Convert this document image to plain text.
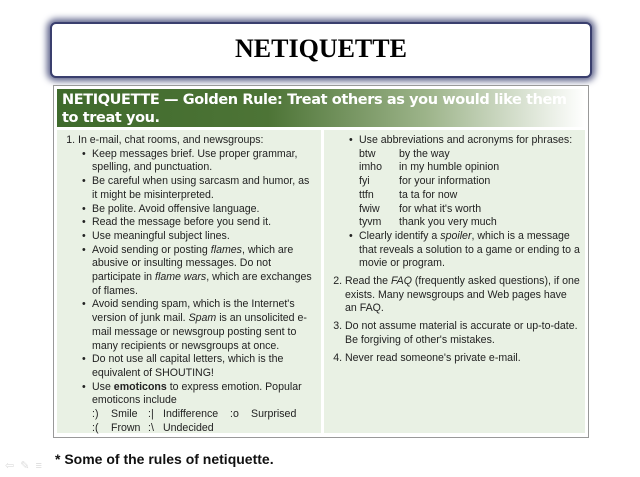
NETIQUETTE
NETIQUETTE — Golden Rule: Treat others as you would like them to treat you.
1. In e-mail, chat rooms, and newsgroups:
• Keep messages brief. Use proper grammar, spelling, and punctuation.
• Be careful when using sarcasm and humor, as it might be misinterpreted.
• Be polite. Avoid offensive language.
• Read the message before you send it.
• Use meaningful subject lines.
• Avoid sending or posting flames, which are abusive or insulting messages. Do not participate in flame wars, which are exchanges of flames.
• Avoid sending spam, which is the Internet's version of junk mail. Spam is an unsolicited e-mail message or newsgroup posting sent to many recipients or newsgroups at once.
• Do not use all capital letters, which is the equivalent of SHOUTING!
• Use emoticons to express emotion. Popular emoticons include
:)	Smile :| Indifference	:o	Surprised
:(	Frown :\ Undecided
• Use abbreviations and acronyms for phrases:
btw	by the way
imho	in my humble opinion
fyi	for your information
ttfn	ta ta for now
fwiw	for what it's worth
tyvm	thank you very much
• Clearly identify a spoiler, which is a message that reveals a solution to a game or ending to a movie or program.
2. Read the FAQ (frequently asked questions), if one exists. Many newsgroups and Web pages have an FAQ.
3. Do not assume material is accurate or up-to-date. Be forgiving of other's mistakes.
4. Never read someone's private e-mail.
⇦✎≡ * Some of the rules of netiquette.
